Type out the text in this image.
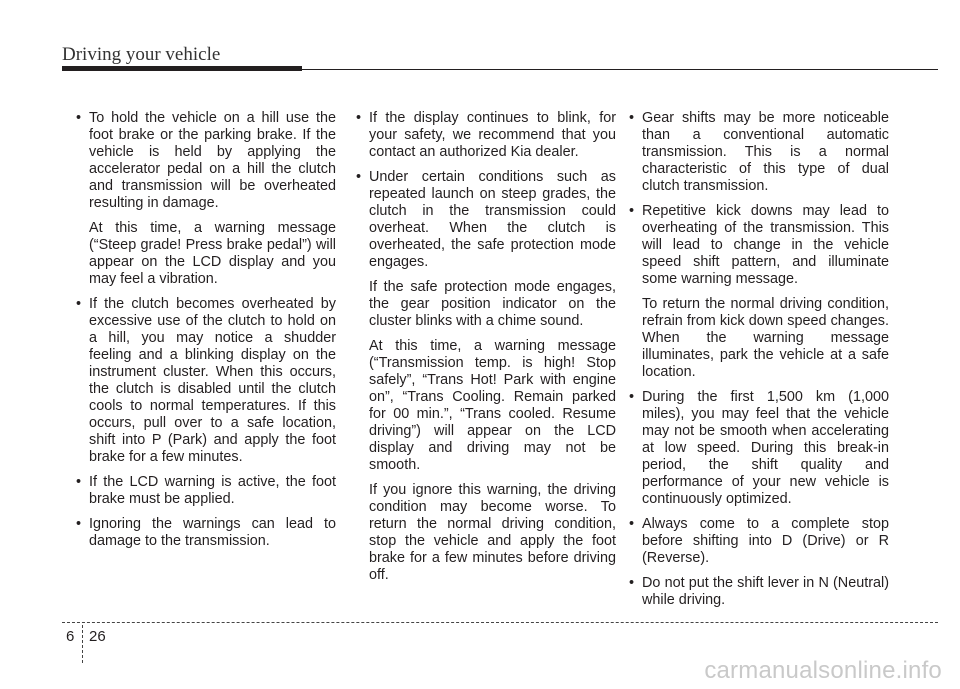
Driving your vehicle

• To hold the vehicle on a hill use the foot brake or the parking brake. If the vehicle is held by applying the accelerator pedal on a hill the clutch and transmission will be overheated resulting in damage.

At this time, a warning message (“Steep grade! Press brake pedal”) will appear on the LCD display and you may feel a vibration.

• If the clutch becomes overheated by excessive use of the clutch to hold on a hill, you may notice a shudder feeling and a blinking display on the instrument cluster. When this occurs, the clutch is disabled until the clutch cools to normal temperatures. If this occurs, pull over to a safe location, shift into P (Park) and apply the foot brake for a few minutes.

• If the LCD warning is active, the foot brake must be applied.

• Ignoring the warnings can lead to damage to the transmission.

• If the display continues to blink, for your safety, we recommend that you contact an authorized Kia dealer.

• Under certain conditions such as repeated launch on steep grades, the clutch in the transmission could overheat. When the clutch is overheated, the safe protection mode engages.

If the safe protection mode engages, the gear position indicator on the cluster blinks with a chime sound.

At this time, a warning message (“Transmission temp. is high! Stop safely”, “Trans Hot! Park with engine on”, “Trans Cooling. Remain parked for 00 min.”, “Trans cooled. Resume driving”) will appear on the LCD display and driving may not be smooth.

If you ignore this warning, the driving condition may become worse. To return the normal driving condition, stop the vehicle and apply the foot brake for a few minutes before driving off.

• Gear shifts may be more noticeable than a conventional automatic transmission. This is a normal characteristic of this type of dual clutch transmission.

• Repetitive kick downs may lead to overheating of the transmission. This will lead to change in the vehicle speed shift pattern, and illuminate some warning message.

To return the normal driving condition, refrain from kick down speed changes. When the warning message illuminates, park the vehicle at a safe location.

• During the first 1,500 km (1,000 miles), you may feel that the vehicle may not be smooth when accelerating at low speed. During this break-in period, the shift quality and performance of your new vehicle is continuously optimized.

• Always come to a complete stop before shifting into D (Drive) or R (Reverse).

• Do not put the shift lever in N (Neutral) while driving.

6 26
carmanualsonline.info
